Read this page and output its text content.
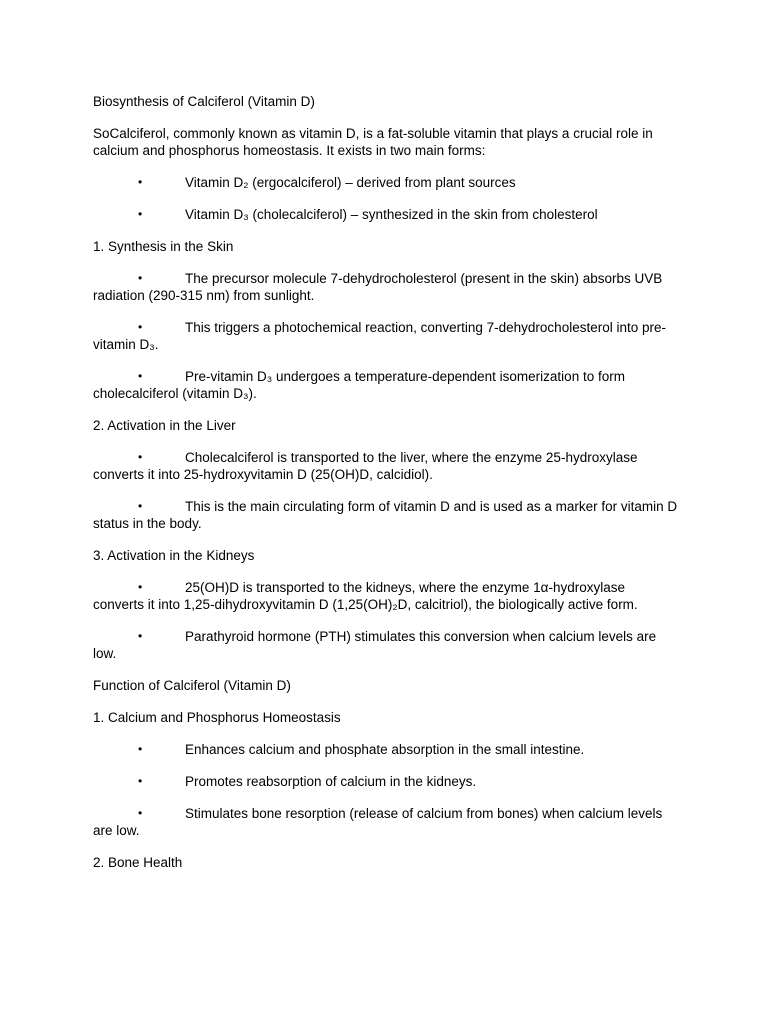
Biosynthesis of Calciferol (Vitamin D)

SoCalciferol, commonly known as vitamin D, is a fat-soluble vitamin that plays a crucial role in calcium and phosphorus homeostasis. It exists in two main forms:

•	Vitamin D₂ (ergocalciferol) – derived from plant sources
•	Vitamin D₃ (cholecalciferol) – synthesized in the skin from cholesterol

1. Synthesis in the Skin

•	The precursor molecule 7-dehydrocholesterol (present in the skin) absorbs UVB radiation (290-315 nm) from sunlight.
•	This triggers a photochemical reaction, converting 7-dehydrocholesterol into pre-vitamin D₃.
•	Pre-vitamin D₃ undergoes a temperature-dependent isomerization to form cholecalciferol (vitamin D₃).

2. Activation in the Liver

•	Cholecalciferol is transported to the liver, where the enzyme 25-hydroxylase converts it into 25-hydroxyvitamin D (25(OH)D, calcidiol).
•	This is the main circulating form of vitamin D and is used as a marker for vitamin D status in the body.

3. Activation in the Kidneys

•	25(OH)D is transported to the kidneys, where the enzyme 1α-hydroxylase converts it into 1,25-dihydroxyvitamin D (1,25(OH)₂D, calcitriol), the biologically active form.
•	Parathyroid hormone (PTH) stimulates this conversion when calcium levels are low.

Function of Calciferol (Vitamin D)

1. Calcium and Phosphorus Homeostasis

•	Enhances calcium and phosphate absorption in the small intestine.
•	Promotes reabsorption of calcium in the kidneys.
•	Stimulates bone resorption (release of calcium from bones) when calcium levels are low.

2. Bone Health
